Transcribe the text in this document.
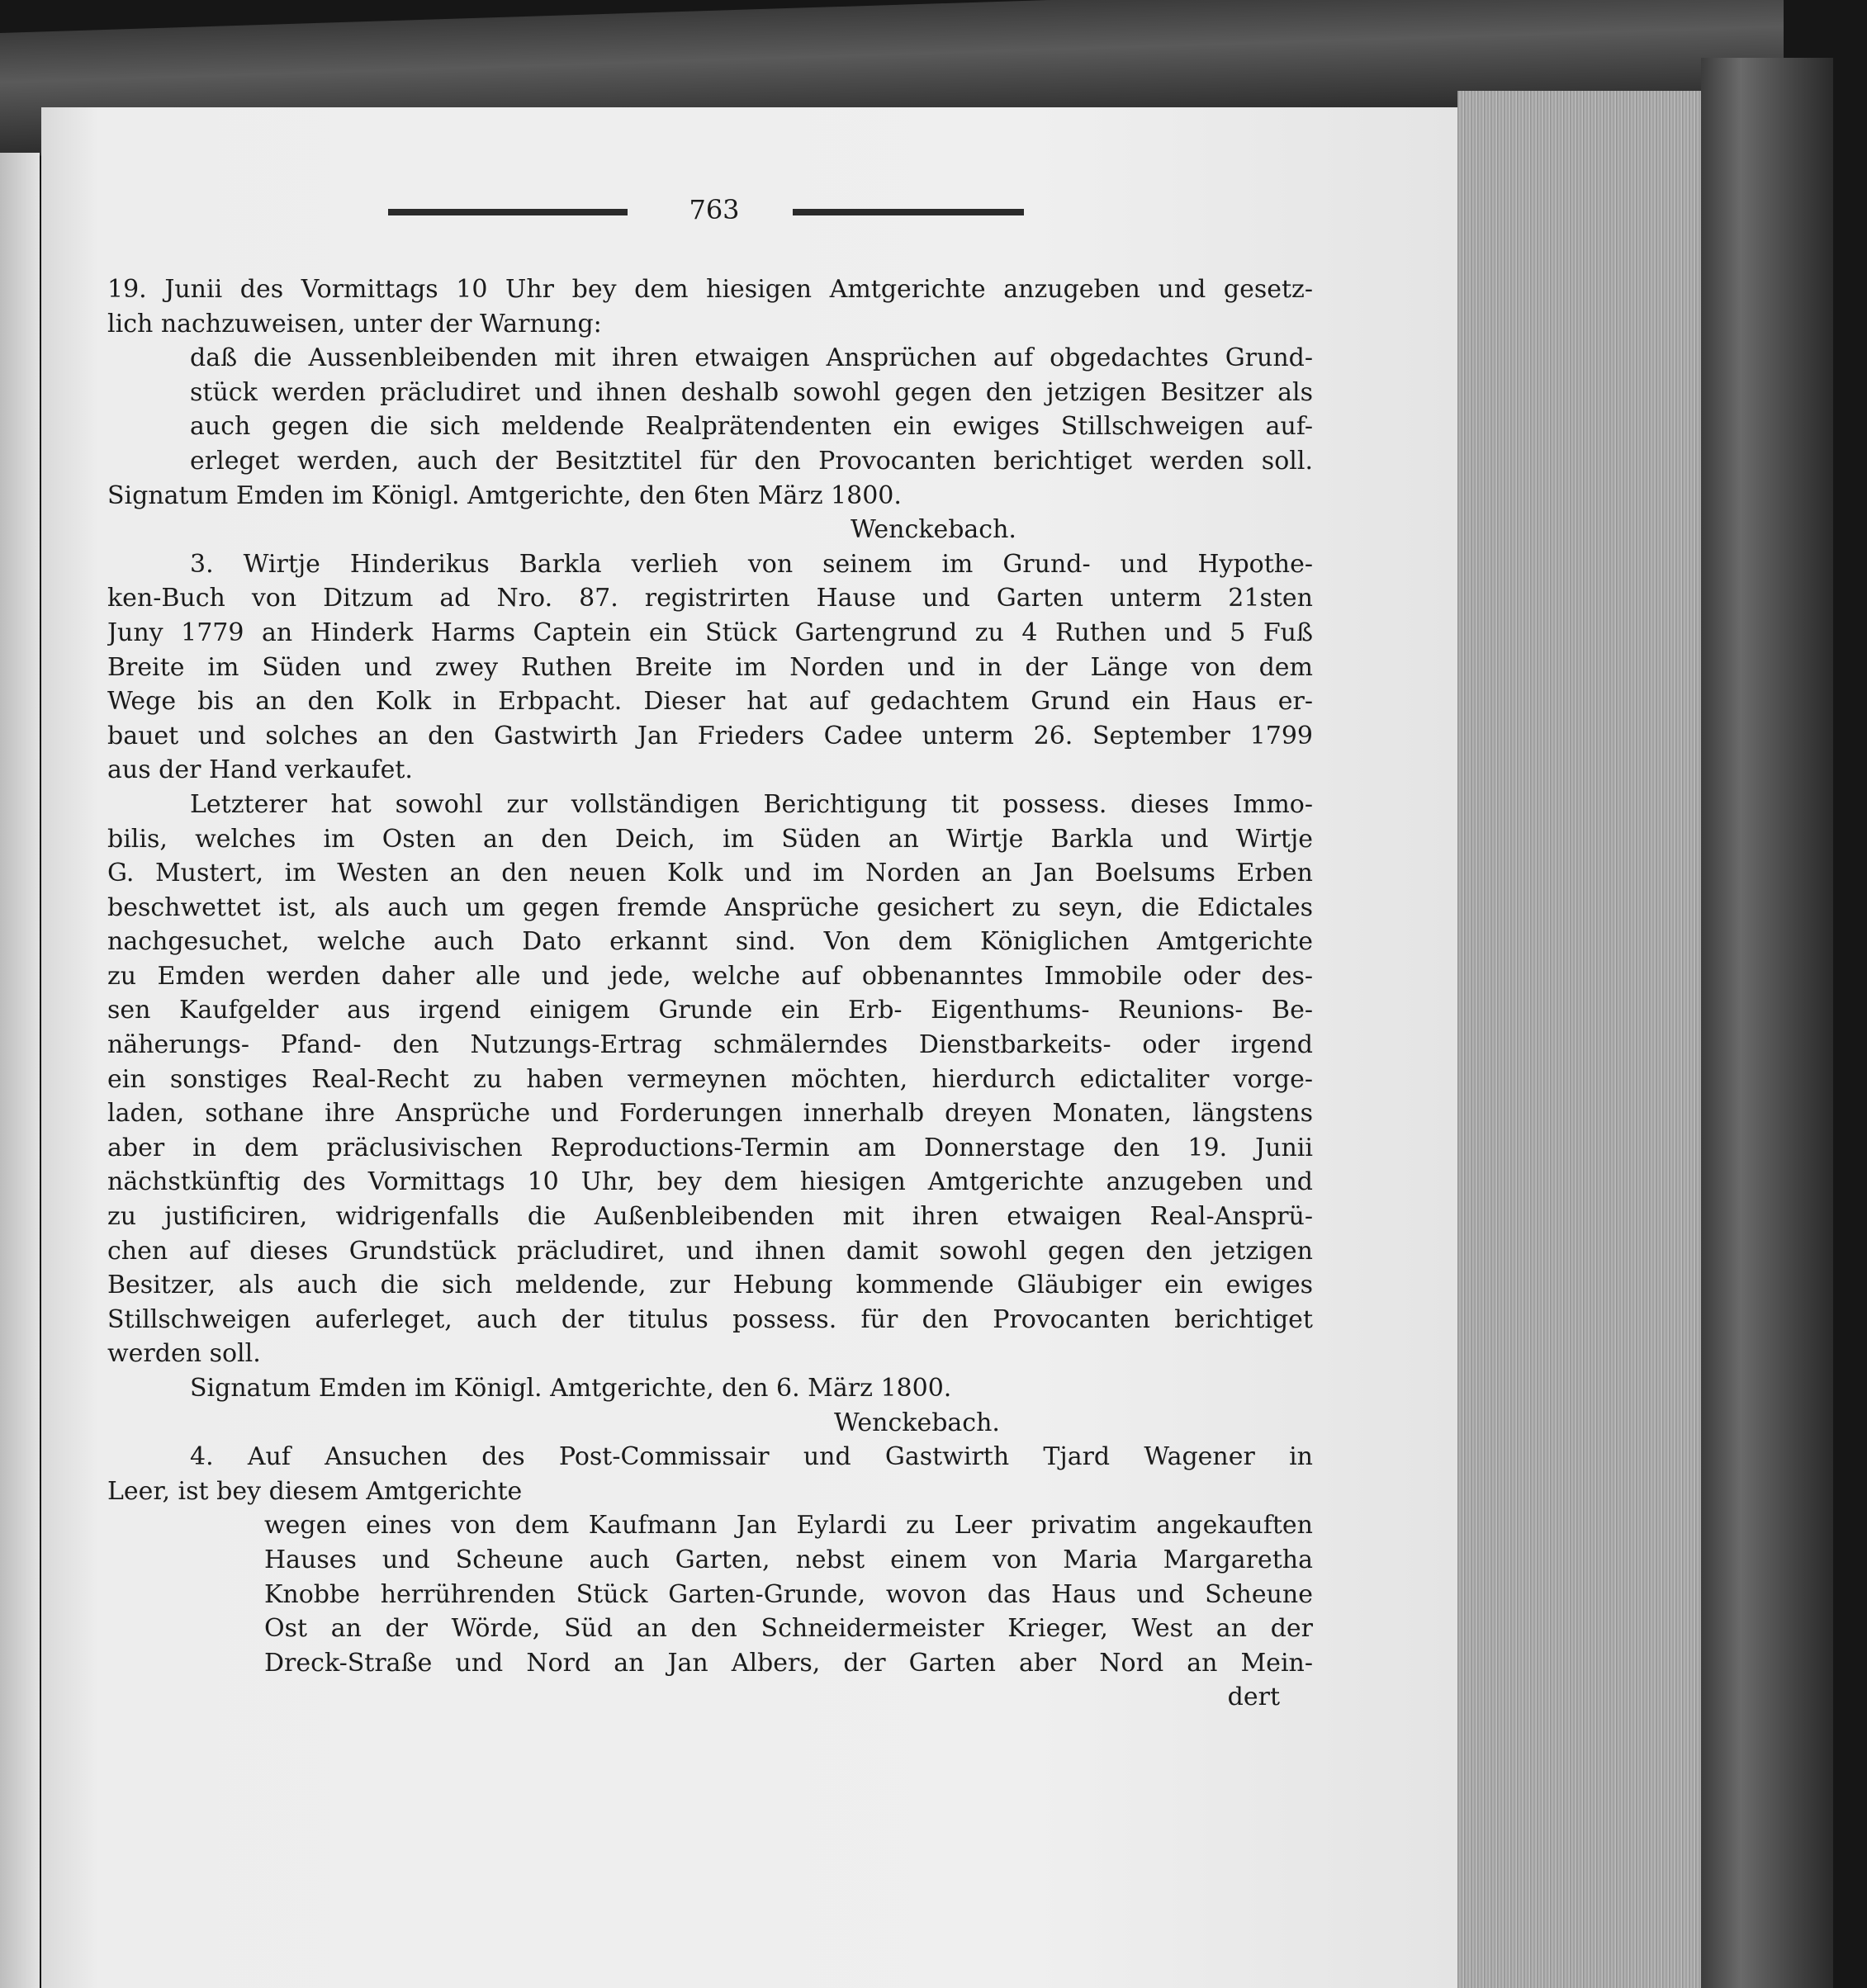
763
19. Junii des Vormittags 10 Uhr bey dem hiesigen Amtgerichte anzugeben und gesetz-
lich nachzuweisen, unter der Warnung:
daß die Aussenbleibenden mit ihren etwaigen Ansprüchen auf obgedachtes Grund-
stück werden präcludiret und ihnen deshalb sowohl gegen den jetzigen Besitzer als
auch gegen die sich meldende Realprätendenten ein ewiges Stillschweigen auf-
erleget werden, auch der Besitztitel für den Provocanten berichtiget werden soll.
Signatum Emden im Königl. Amtgerichte, den 6ten März 1800.
Wenckebach.
3. Wirtje Hinderikus Barkla verlieh von seinem im Grund- und Hypothe-
ken-Buch von Ditzum ad Nro. 87. registrirten Hause und Garten unterm 21sten
Juny 1779 an Hinderk Harms Captein ein Stück Gartengrund zu 4 Ruthen und 5 Fuß
Breite im Süden und zwey Ruthen Breite im Norden und in der Länge von dem
Wege bis an den Kolk in Erbpacht. Dieser hat auf gedachtem Grund ein Haus er-
bauet und solches an den Gastwirth Jan Frieders Cadee unterm 26. September 1799
aus der Hand verkaufet.
Letzterer hat sowohl zur vollständigen Berichtigung tit possess. dieses Immo-
bilis, welches im Osten an den Deich, im Süden an Wirtje Barkla und Wirtje
G. Mustert, im Westen an den neuen Kolk und im Norden an Jan Boelsums Erben
beschwettet ist, als auch um gegen fremde Ansprüche gesichert zu seyn, die Edictales
nachgesuchet, welche auch Dato erkannt sind. Von dem Königlichen Amtgerichte
zu Emden werden daher alle und jede, welche auf obbenanntes Immobile oder des-
sen Kaufgelder aus irgend einigem Grunde ein Erb- Eigenthums- Reunions- Be-
näherungs- Pfand- den Nutzungs-Ertrag schmälerndes Dienstbarkeits- oder irgend
ein sonstiges Real-Recht zu haben vermeynen möchten, hierdurch edictaliter vorge-
laden, sothane ihre Ansprüche und Forderungen innerhalb dreyen Monaten, längstens
aber in dem präclusivischen Reproductions-Termin am Donnerstage den 19. Junii
nächstkünftig des Vormittags 10 Uhr, bey dem hiesigen Amtgerichte anzugeben und
zu justificiren, widrigenfalls die Außenbleibenden mit ihren etwaigen Real-Ansprü-
chen auf dieses Grundstück präcludiret, und ihnen damit sowohl gegen den jetzigen
Besitzer, als auch die sich meldende, zur Hebung kommende Gläubiger ein ewiges
Stillschweigen auferleget, auch der titulus possess. für den Provocanten berichtiget
werden soll.
Signatum Emden im Königl. Amtgerichte, den 6. März 1800.
Wenckebach.
4. Auf Ansuchen des Post-Commissair und Gastwirth Tjard Wagener in
Leer, ist bey diesem Amtgerichte
wegen eines von dem Kaufmann Jan Eylardi zu Leer privatim angekauften
Hauses und Scheune auch Garten, nebst einem von Maria Margaretha
Knobbe herrührenden Stück Garten-Grunde, wovon das Haus und Scheune
Ost an der Wörde, Süd an den Schneidermeister Krieger, West an der
Dreck-Straße und Nord an Jan Albers, der Garten aber Nord an Mein-
dert
